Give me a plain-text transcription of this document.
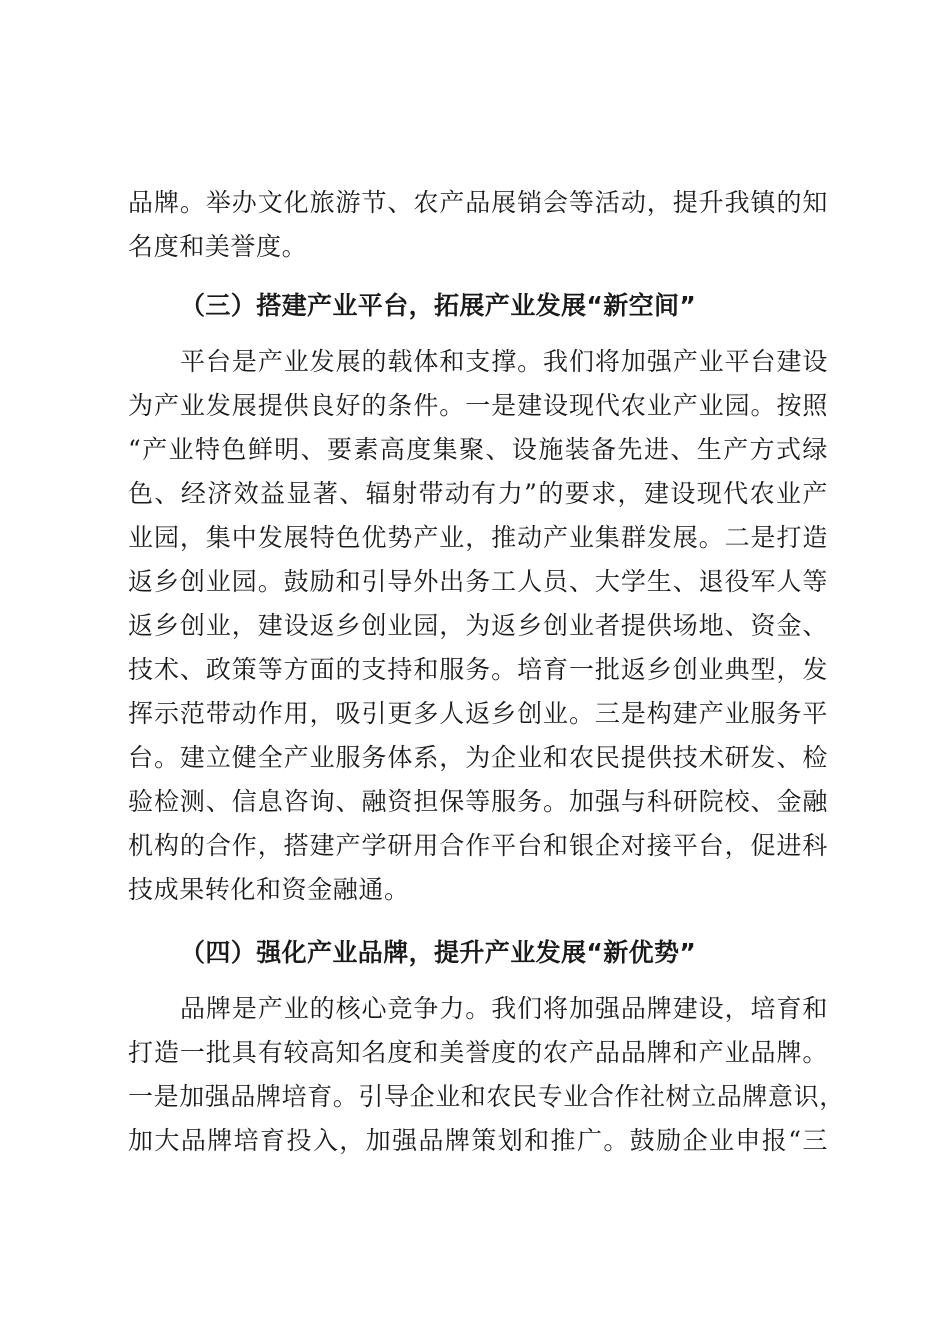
品牌。举办文化旅游节、农产品展销会等活动，提升我镇的知
名度和美誉度。
（三）搭建产业平台，拓展产业发展“新空间”
平台是产业发展的载体和支撑。我们将加强产业平台建设
为产业发展提供良好的条件。一是建设现代农业产业园。按照
“产业特色鲜明、要素高度集聚、设施装备先进、生产方式绿
色、经济效益显著、辐射带动有力”的要求，建设现代农业产
业园，集中发展特色优势产业，推动产业集群发展。二是打造
返乡创业园。鼓励和引导外出务工人员、大学生、退役军人等
返乡创业，建设返乡创业园，为返乡创业者提供场地、资金、
技术、政策等方面的支持和服务。培育一批返乡创业典型，发
挥示范带动作用，吸引更多人返乡创业。三是构建产业服务平
台。建立健全产业服务体系，为企业和农民提供技术研发、检
验检测、信息咨询、融资担保等服务。加强与科研院校、金融
机构的合作，搭建产学研用合作平台和银企对接平台，促进科
技成果转化和资金融通。
（四）强化产业品牌，提升产业发展“新优势”
品牌是产业的核心竞争力。我们将加强品牌建设，培育和
打造一批具有较高知名度和美誉度的农产品品牌和产业品牌。
一是加强品牌培育。引导企业和农民专业合作社树立品牌意识，
加大品牌培育投入，加强品牌策划和推广。鼓励企业申报“三
